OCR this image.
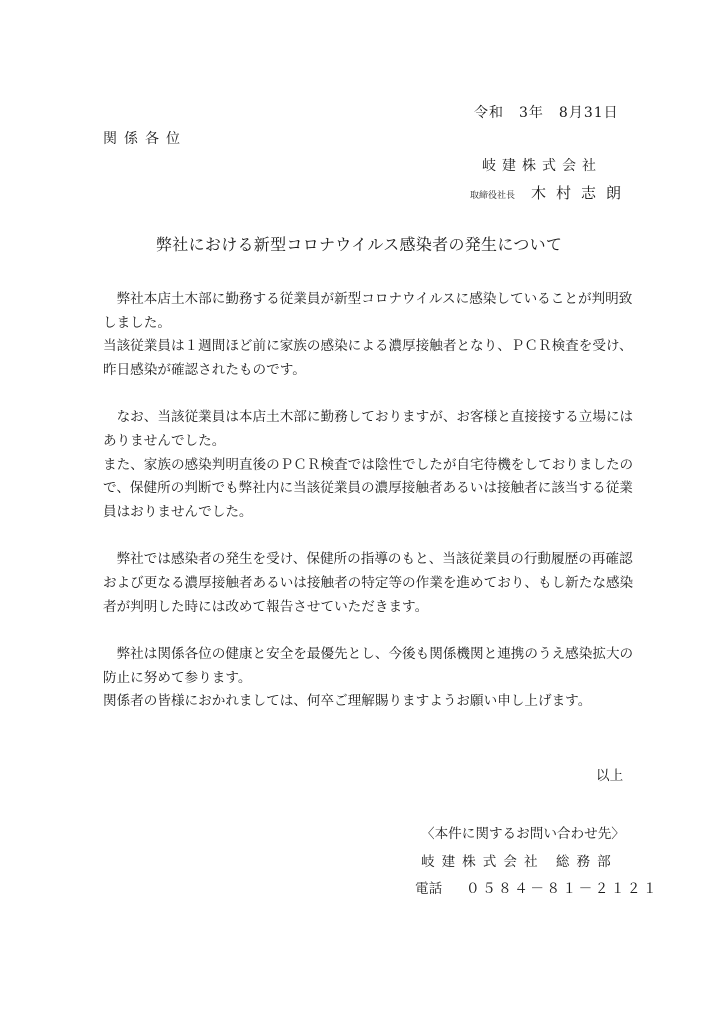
令和　3年　8月31日
関係各位
岐建株式会社
取締役社長 木村志朗
弊社における新型コロナウイルス感染者の発生について

弊社本店土木部に勤務する従業員が新型コロナウイルスに感染していることが判明致しました。

当該従業員は１週間ほど前に家族の感染による濃厚接触者となり、ＰＣＲ検査を受け、昨日感染が確認されたものです。

なお、当該従業員は本店土木部に勤務しておりますが、お客様と直接接する立場にはありませんでした。

また、家族の感染判明直後のＰＣＲ検査では陰性でしたが自宅待機をしておりましたので、保健所の判断でも弊社内に当該従業員の濃厚接触者あるいは接触者に該当する従業員はおりませんでした。

弊社では感染者の発生を受け、保健所の指導のもと、当該従業員の行動履歴の再確認および更なる濃厚接触者あるいは接触者の特定等の作業を進めており、もし新たな感染者が判明した時には改めて報告させていただきます。

弊社は関係各位の健康と安全を最優先とし、今後も関係機関と連携のうえ感染拡大の防止に努めて参ります。

関係者の皆様におかれましては、何卒ご理解賜りますようお願い申し上げます。

以上
〈本件に関するお問い合わせ先〉
岐建株式会社 総務部
電話 ０５８４－８１－２１２１
